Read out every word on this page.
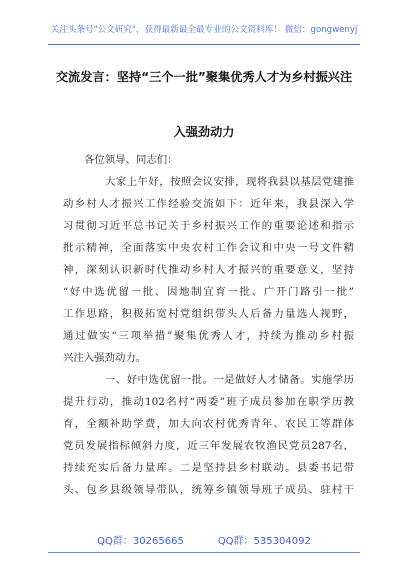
关注头条号"公文研究"，获得最新最全最专业的公文资料库！ 微信：gongwenyj
交流发言：坚持“三个一批”聚集优秀人才为乡村振兴注
入强劲动力
各位领导、同志们：
大家上午好，按照会议安排，现将我县以基层党建推
动乡村人才振兴工作经验交流如下：近年来，我县深入学
习贯彻习近平总书记关于乡村振兴工作的重要论述和指示
批示精神，全面落实中央农村工作会议和中央一号文件精
神，深刻认识新时代推动乡村人才振兴的重要意义，坚持
“好中选优留一批、因地制宜育一批、广开门路引一批”
工作思路，积极拓宽村党组织带头人后备力量选人视野，
通过做实“三项举措”聚集优秀人才，持续为推动乡村振
兴注入强劲动力。
一、好中选优留一批。一是做好人才储备。实施学历
提升行动，推动102名村“两委”班子成员参加在职学历教
育，全额补助学费，加大向农村优秀青年、农民工等群体
党员发展指标倾斜力度，近三年发展农牧渔民党员287名，
持续充实后备力量库。二是坚持县乡村联动。县委书记带
头、包乡县级领导带队，统筹乡镇领导班子成员、驻村干
QQ群：30265665	QQ群：535304092
